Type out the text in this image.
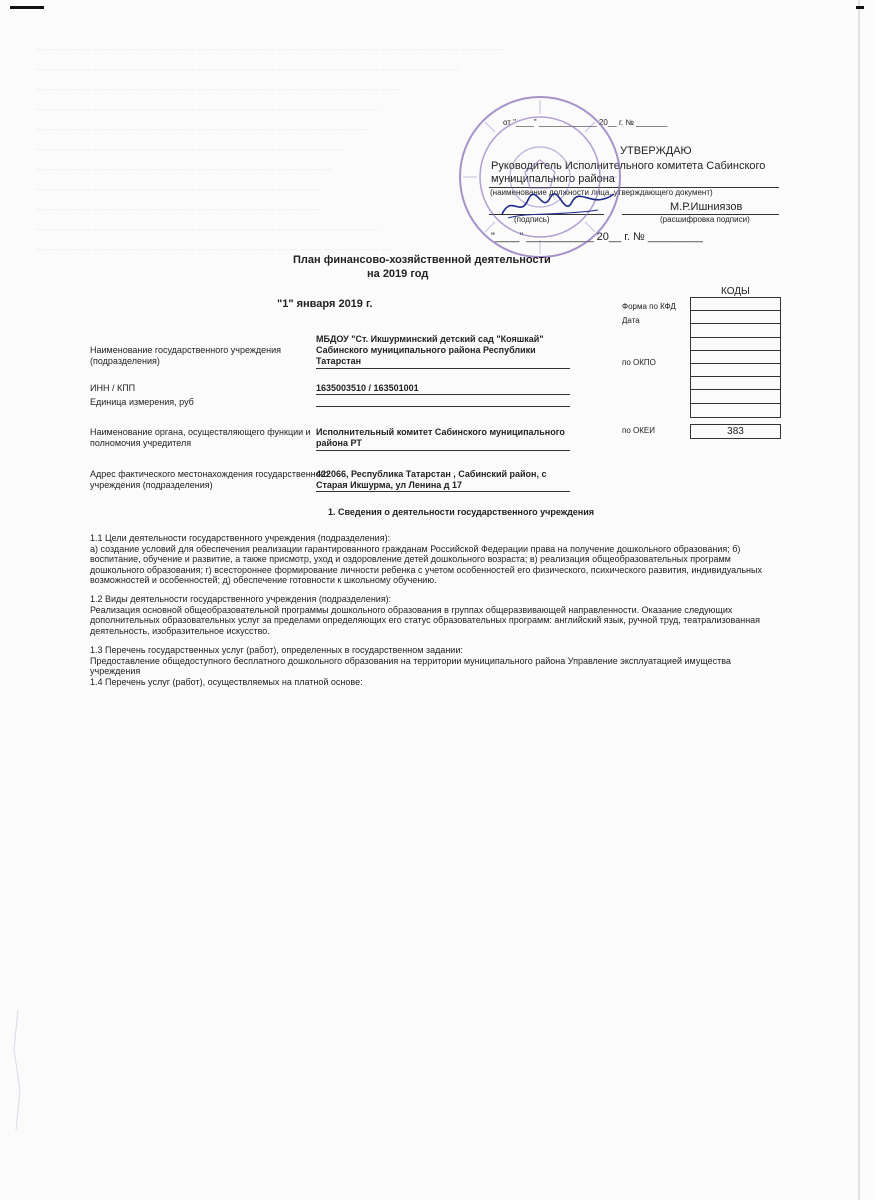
— — — — — — — — — — — — — — — — — — — — — — — — — — — — — — — — — — — — — — — — —
— — — — — — — — — — — — — — — — — — — — — — — — — — — — — — — — — — — — —
— — — — — — — — — — — — — — — — — — — — — — — — — — — — — — — —
— — — — — — — — — — — — — — — — — — — — — — — — — — — — — —
— — — — — — — — — — — — — — — — — — — — — — — — — — — — —
— — — — — — — — — — — — — — — — — — — — — — — — — — —
— — — — — — — — — — — — — — — — — — — — — — — — — —
— — — — — — — — — — — — — — — — — — — — — — — — —
— — — — — — — — — — — — — — — — — — — — — — — — —
— — — — — — — — — — — — — — — — — — — — — — — — — — — — — —
— — — — — — — — — — — — — — — — — — — — — — — — — — — — — — —
от "____" _____________ 20__ г. № _______
УТВЕРЖДАЮ
Руководитель Исполнительного комитета Сабинского
муниципального района
(наименование должности лица, утверждающего документ)
М.Р.Ишниязов
(подпись)	(расшифровка подписи)
"____" ___________ 20__ г. № _________
План финансово-хозяйственной деятельности
на 2019 год
"1" января 2019 г.
КОДЫ
383
Форма по КФД
Дата
по ОКПО
по ОКЕИ
Наименование государственного учреждения
(подразделения)
МБДОУ "Ст. Икшурминский детский сад "Кояшкай"
Сабинского муниципального района Республики
Татарстан
ИНН / КПП	1635003510 / 163501001
Единица измерения, руб
Наименование органа, осуществляющего функции и
полномочия учредителя
Исполнительный комитет Сабинского муниципального
района РТ
Адрес фактического местонахождения государственного
учреждения (подразделения)
422066, Республика Татарстан , Сабинский район, с
Старая Икшурма, ул Ленина д 17
1. Сведения о деятельности государственного учреждения

1.1 Цели деятельности государственного учреждения (подразделения):

а) создание условий для обеспечения реализации гарантированного гражданам Российской Федерации права на получение дошкольного образования; б) воспитание, обучение и развитие, а также присмотр, уход и оздоровление детей дошкольного возраста; в) реализация общеобразовательных программ дошкольного образования; г) всестороннее формирование личности ребенка с учетом особенностей его физического, психического развития, индивидуальных возможностей и особенностей; д) обеспечение готовности к школьному обучению.

1.2 Виды деятельности государственного учреждения (подразделения):

Реализация основной общеобразовательной программы дошкольного образования в группах общеразвивающей направленности. Оказание следующих дополнительных образовательных услуг за пределами определяющих его статус образовательных программ: английский язык, ручной труд, театрализованная деятельность, изобразительное искусство.

1.3 Перечень государственных услуг (работ), определенных в государственном задании:

Предоставление общедоступного бесплатного дошкольного образования на территории муниципального района Управление эксплуатацией имущества учреждения

1.4 Перечень услуг (работ), осуществляемых на платной основе:
